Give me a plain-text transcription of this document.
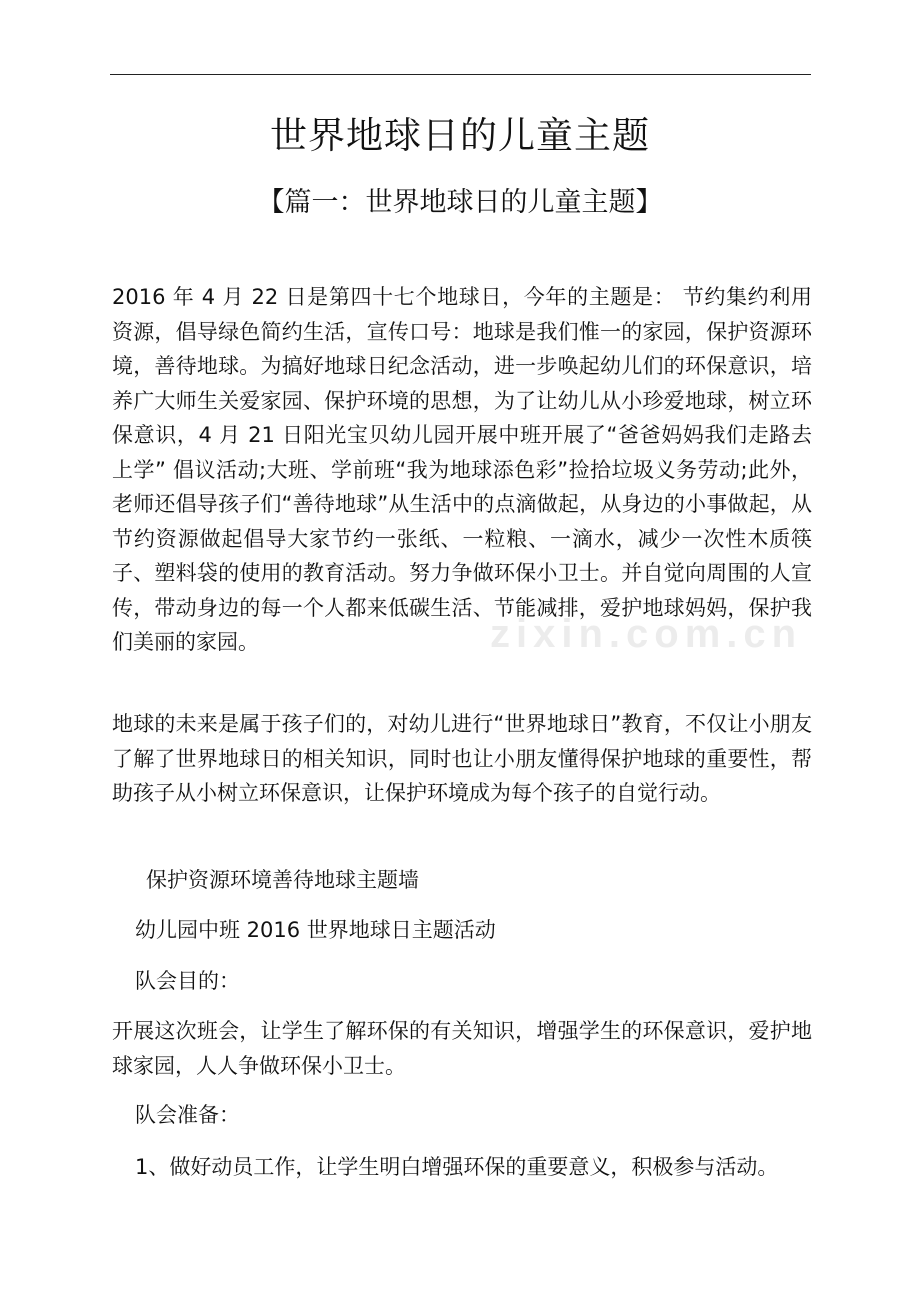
世界地球日的儿童主题
【篇一：世界地球日的儿童主题】

2016 年 4 月 22 日是第四十七个地球日，今年的主题是： 节约集约利用资源，倡导绿色简约生活，宣传口号：地球是我们惟一的家园，保护资源环境，善待地球。为搞好地球日纪念活动，进一步唤起幼儿们的环保意识，培养广大师生关爱家园、保护环境的思想，为了让幼儿从小珍爱地球，树立环保意识，4 月 21 日阳光宝贝幼儿园开展中班开展了“爸爸妈妈我们走路去上学” 倡议活动;大班、学前班“我为地球添色彩”捡拾垃圾义务劳动;此外，老师还倡导孩子们“善待地球”从生活中的点滴做起，从身边的小事做起，从节约资源做起倡导大家节约一张纸、一粒粮、一滴水，减少一次性木质筷子、塑料袋的使用的教育活动。努力争做环保小卫士。并自觉向周围的人宣传，带动身边的每一个人都来低碳生活、节能减排，爱护地球妈妈，保护我们美丽的家园。

地球的未来是属于孩子们的，对幼儿进行“世界地球日”教育，不仅让小朋友了解了世界地球日的相关知识，同时也让小朋友懂得保护地球的重要性，帮助孩子从小树立环保意识，让保护环境成为每个孩子的自觉行动。

保护资源环境善待地球主题墙

幼儿园中班 2016 世界地球日主题活动

队会目的：

开展这次班会，让学生了解环保的有关知识，增强学生的环保意识，爱护地球家园，人人争做环保小卫士。

队会准备：

1、做好动员工作，让学生明白增强环保的重要意义，积极参与活动。

zixin.com.cn
